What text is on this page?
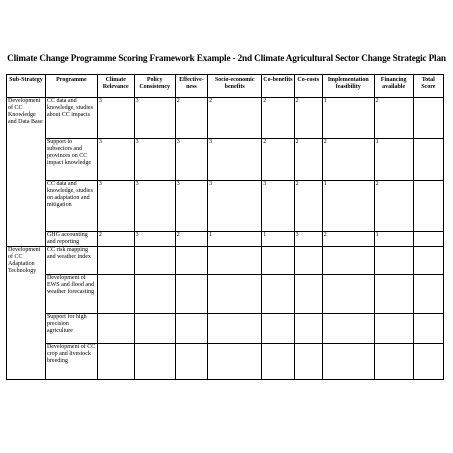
Climate Change Programme Scoring Framework Example - 2nd Climate Agricultural Sector Change Strategic Plan
Sub-Strategy	Programme	Climate Relevance	Policy Consistency	Effective-ness	Socio-economic benefits	Co-benefits	Co-costs	Implementation feasibility	Financing available	Total Score
Development of CC Knowledge and Data Base	CC data and knowledge, studies about CC impacts	3	3	2	2	2	2	1	2	
	Support to subsectors and provinces on CC impact knowledge	3	3	3	3	2	2	2	1	
	CC data and knowledge, studies on adaptation and mitigation	3	3	3	3	3	2	1	2	
	GHG accounting and reporting	2	3	2	1	1	3	2	1	
Development of CC Adaptation Technology	CC risk mapping and weather index									
	Development of EWS and flood and weather forecasting									
	Support for high precision agriculture									
	Development of CC crop and livestock breeding									
